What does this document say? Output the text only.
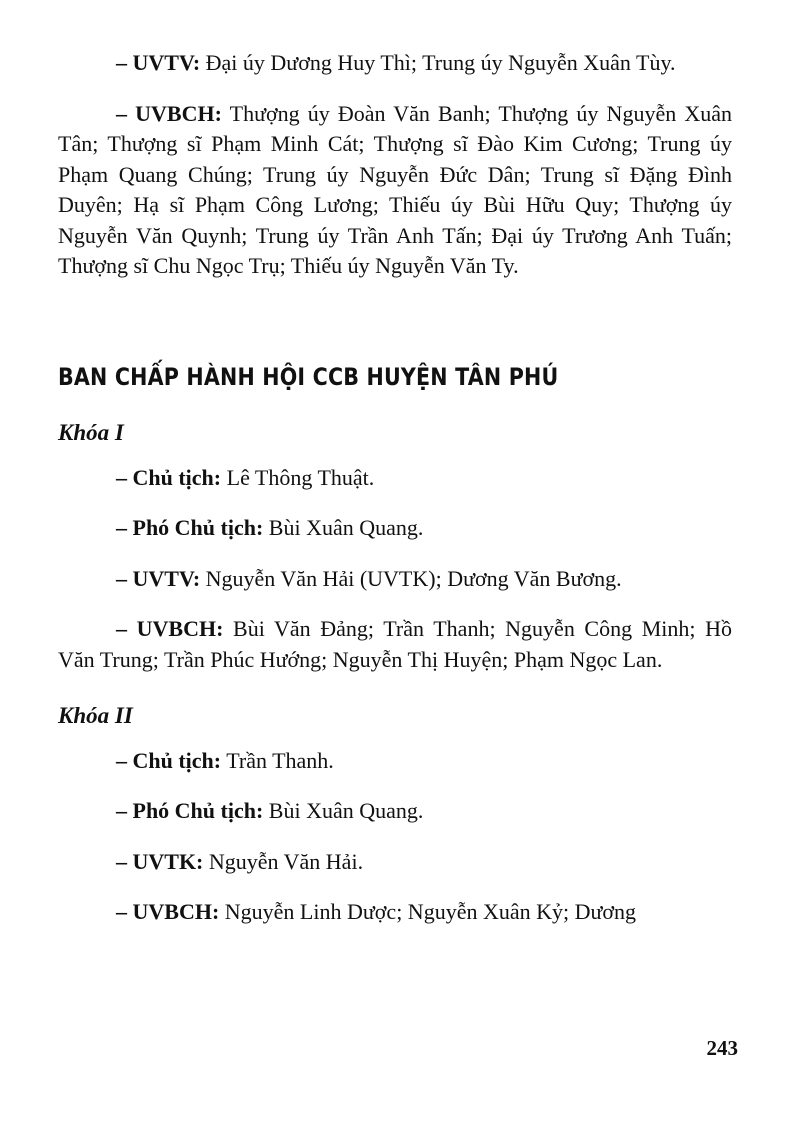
– UVTV: Đại úy Dương Huy Thì; Trung úy Nguyễn Xuân Tùy.

– UVBCH: Thượng úy Đoàn Văn Banh; Thượng úy Nguyễn Xuân Tân; Thượng sĩ Phạm Minh Cát; Thượng sĩ Đào Kim Cương; Trung úy Phạm Quang Chúng; Trung úy Nguyễn Đức Dân; Trung sĩ Đặng Đình Duyên; Hạ sĩ Phạm Công Lương; Thiếu úy Bùi Hữu Quy; Thượng úy Nguyễn Văn Quynh; Trung úy Trần Anh Tấn; Đại úy Trương Anh Tuấn; Thượng sĩ Chu Ngọc Trụ; Thiếu úy Nguyễn Văn Ty.

BAN CHẤP HÀNH HỘI CCB HUYỆN TÂN PHÚ
Khóa I

– Chủ tịch: Lê Thông Thuật.

– Phó Chủ tịch: Bùi Xuân Quang.

– UVTV: Nguyễn Văn Hải (UVTK); Dương Văn Bương.

– UVBCH: Bùi Văn Đảng; Trần Thanh; Nguyễn Công Minh; Hồ Văn Trung; Trần Phúc Hướng; Nguyễn Thị Huyện; Phạm Ngọc Lan.

Khóa II

– Chủ tịch: Trần Thanh.

– Phó Chủ tịch: Bùi Xuân Quang.

– UVTK: Nguyễn Văn Hải.

– UVBCH: Nguyễn Linh Dược; Nguyễn Xuân Kỷ; Dương

243
